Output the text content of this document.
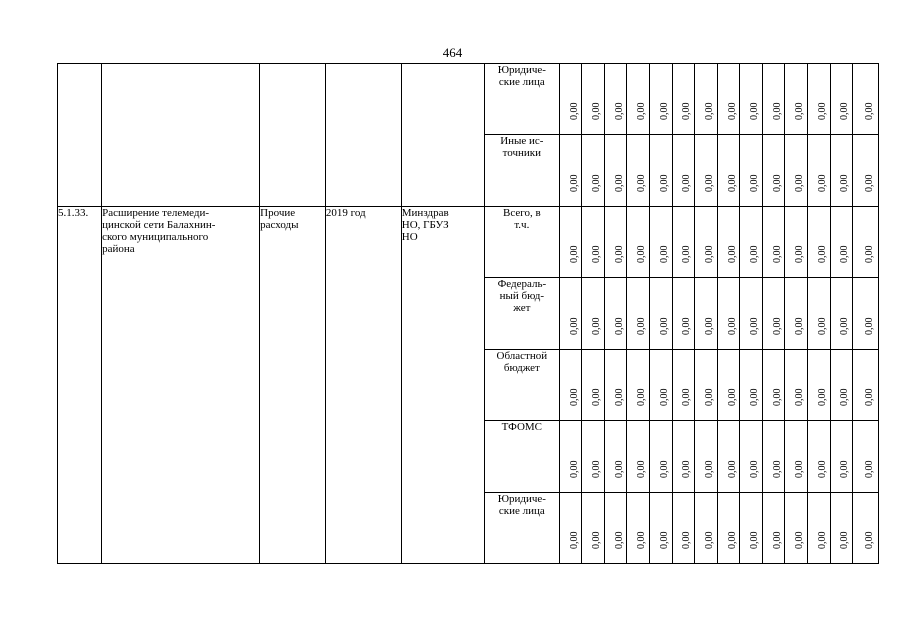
464
					Юридиче-
ские лица	0,00	0,00	0,00	0,00	0,00	0,00	0,00	0,00	0,00	0,00	0,00	0,00	0,00	0,00

					Иные ис-
точники	0,00	0,00	0,00	0,00	0,00	0,00	0,00	0,00	0,00	0,00	0,00	0,00	0,00	0,00

5.1.33.	Расширение телемеди-
цинской сети Балахнин-
ского муниципального
района	Прочие
расходы	2019 год	Минздрав
НО, ГБУЗ
НО	Всего, в
т.ч.	0,00	0,00	0,00	0,00	0,00	0,00	0,00	0,00	0,00	0,00	0,00	0,00	0,00	0,00

					Федераль-
ный бюд-
жет	0,00	0,00	0,00	0,00	0,00	0,00	0,00	0,00	0,00	0,00	0,00	0,00	0,00	0,00

					Областной
бюджет	0,00	0,00	0,00	0,00	0,00	0,00	0,00	0,00	0,00	0,00	0,00	0,00	0,00	0,00

					ТФОМС	0,00	0,00	0,00	0,00	0,00	0,00	0,00	0,00	0,00	0,00	0,00	0,00	0,00	0,00

					Юридиче-
ские лица	0,00	0,00	0,00	0,00	0,00	0,00	0,00	0,00	0,00	0,00	0,00	0,00	0,00	0,00
